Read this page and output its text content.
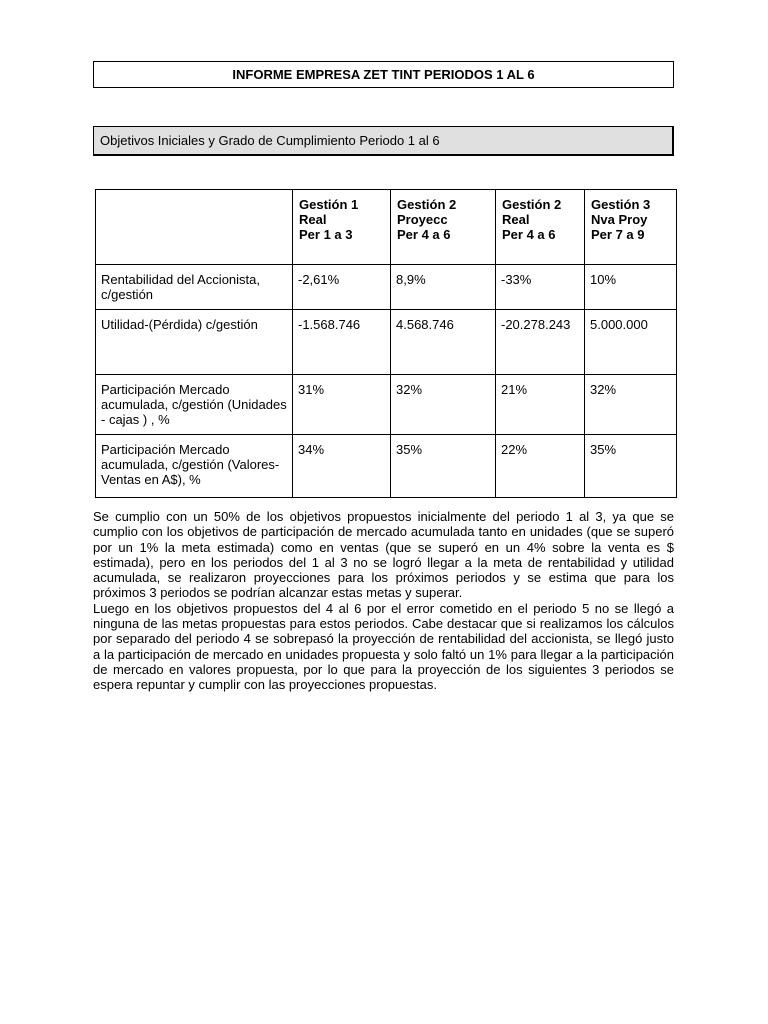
INFORME EMPRESA ZET TINT PERIODOS 1 AL 6
Objetivos Iniciales y Grado de Cumplimiento Periodo 1 al 6

	Gestión 1
Real
Per 1 a 3	Gestión 2
Proyecc
Per 4 a 6	Gestión 2
Real
Per 4 a 6	Gestión 3
Nva Proy
Per 7 a 9

Rentabilidad del Accionista, c/gestión	-2,61%	8,9%	-33%	10%
Utilidad-(Pérdida) c/gestión	-1.568.746	4.568.746	-20.278.243	5.000.000
Participación Mercado acumulada, c/gestión (Unidades - cajas ) , %	31%	32%	21%	32%
Participación Mercado acumulada, c/gestión (Valores- Ventas en A$), %	34%	35%	22%	35%

Se cumplio con un 50% de los objetivos propuestos inicialmente del periodo 1 al 3, ya que se cumplio con los objetivos de participación de mercado acumulada tanto en unidades (que se superó por un 1% la meta estimada) como en ventas (que se superó en un 4% sobre la venta es $ estimada), pero en los periodos del 1 al 3 no se logró llegar a la meta de rentabilidad y utilidad acumulada, se realizaron proyecciones para los próximos periodos y se estima que para los próximos 3 periodos se podrían alcanzar estas metas y superar.

Luego en los objetivos propuestos del 4 al 6 por el error cometido en el periodo 5 no se llegó a ninguna de las metas propuestas para estos periodos. Cabe destacar que si realizamos los cálculos por separado del periodo 4 se sobrepasó la proyección de rentabilidad del accionista, se llegó justo a la participación de mercado en unidades propuesta y solo faltó un 1% para llegar a la participación de mercado en valores propuesta, por lo que para la proyección de los siguientes 3 periodos se espera repuntar y cumplir con las proyecciones propuestas.
